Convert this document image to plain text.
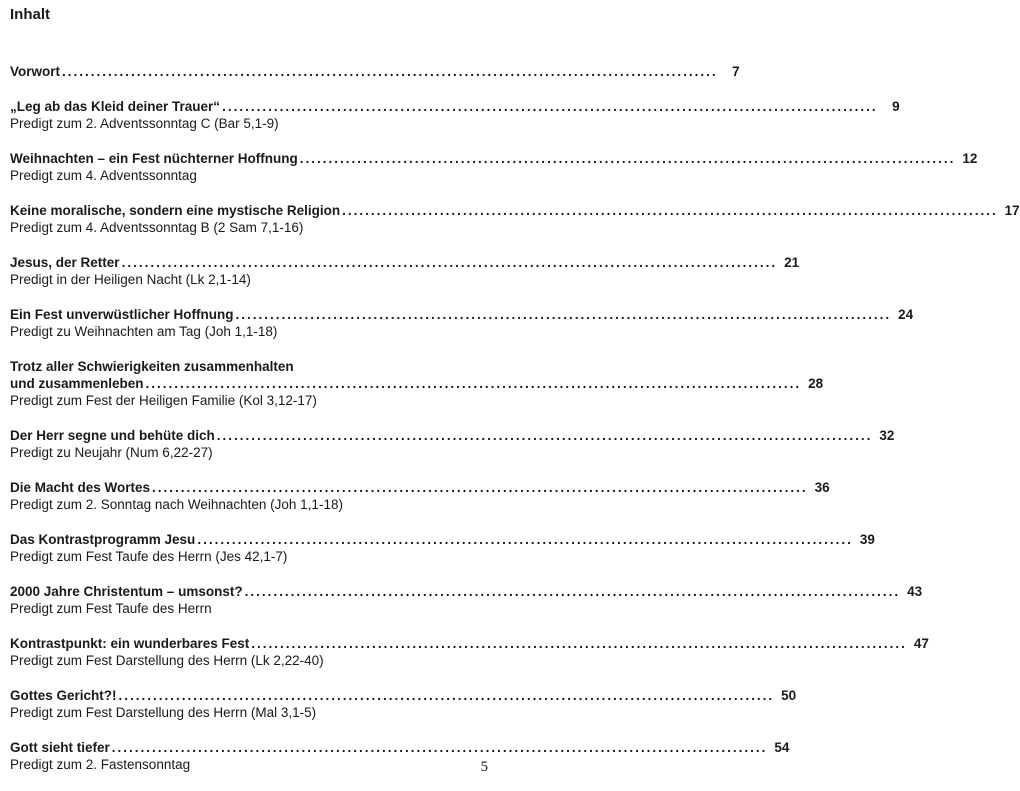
Inhalt
Vorwort ..................................................................................................................	7
„Leg ab das Kleid deiner Trauer“ ..................................................................................................................	9
Predigt zum 2. Adventssonntag C (Bar 5,1-9)
Weihnachten – ein Fest nüchterner Hoffnung .................................................................................................................. 12
Predigt zum 4. Adventssonntag
Keine moralische, sondern eine mystische Religion .................................................................................................................. 17
Predigt zum 4. Adventssonntag B (2 Sam 7,1-16)
Jesus, der Retter .................................................................................................................. 21
Predigt in der Heiligen Nacht (Lk 2,1-14)
Ein Fest unverwüstlicher Hoffnung .................................................................................................................. 24
Predigt zu Weihnachten am Tag (Joh 1,1-18)
Trotz aller Schwierigkeiten zusammenhalten
und zusammenleben .................................................................................................................. 28
Predigt zum Fest der Heiligen Familie (Kol 3,12-17)
Der Herr segne und behüte dich .................................................................................................................. 32
Predigt zu Neujahr (Num 6,22-27)
Die Macht des Wortes .................................................................................................................. 36
Predigt zum 2. Sonntag nach Weihnachten (Joh 1,1-18)
Das Kontrastprogramm Jesu .................................................................................................................. 39
Predigt zum Fest Taufe des Herrn (Jes 42,1-7)
2000 Jahre Christentum – umsonst? .................................................................................................................. 43
Predigt zum Fest Taufe des Herrn
Kontrastpunkt: ein wunderbares Fest .................................................................................................................. 47
Predigt zum Fest Darstellung des Herrn (Lk 2,22-40)
Gottes Gericht?! .................................................................................................................. 50
Predigt zum Fest Darstellung des Herrn (Mal 3,1-5)
Gott sieht tiefer .................................................................................................................. 54
Predigt zum 2. Fastensonntag	5
